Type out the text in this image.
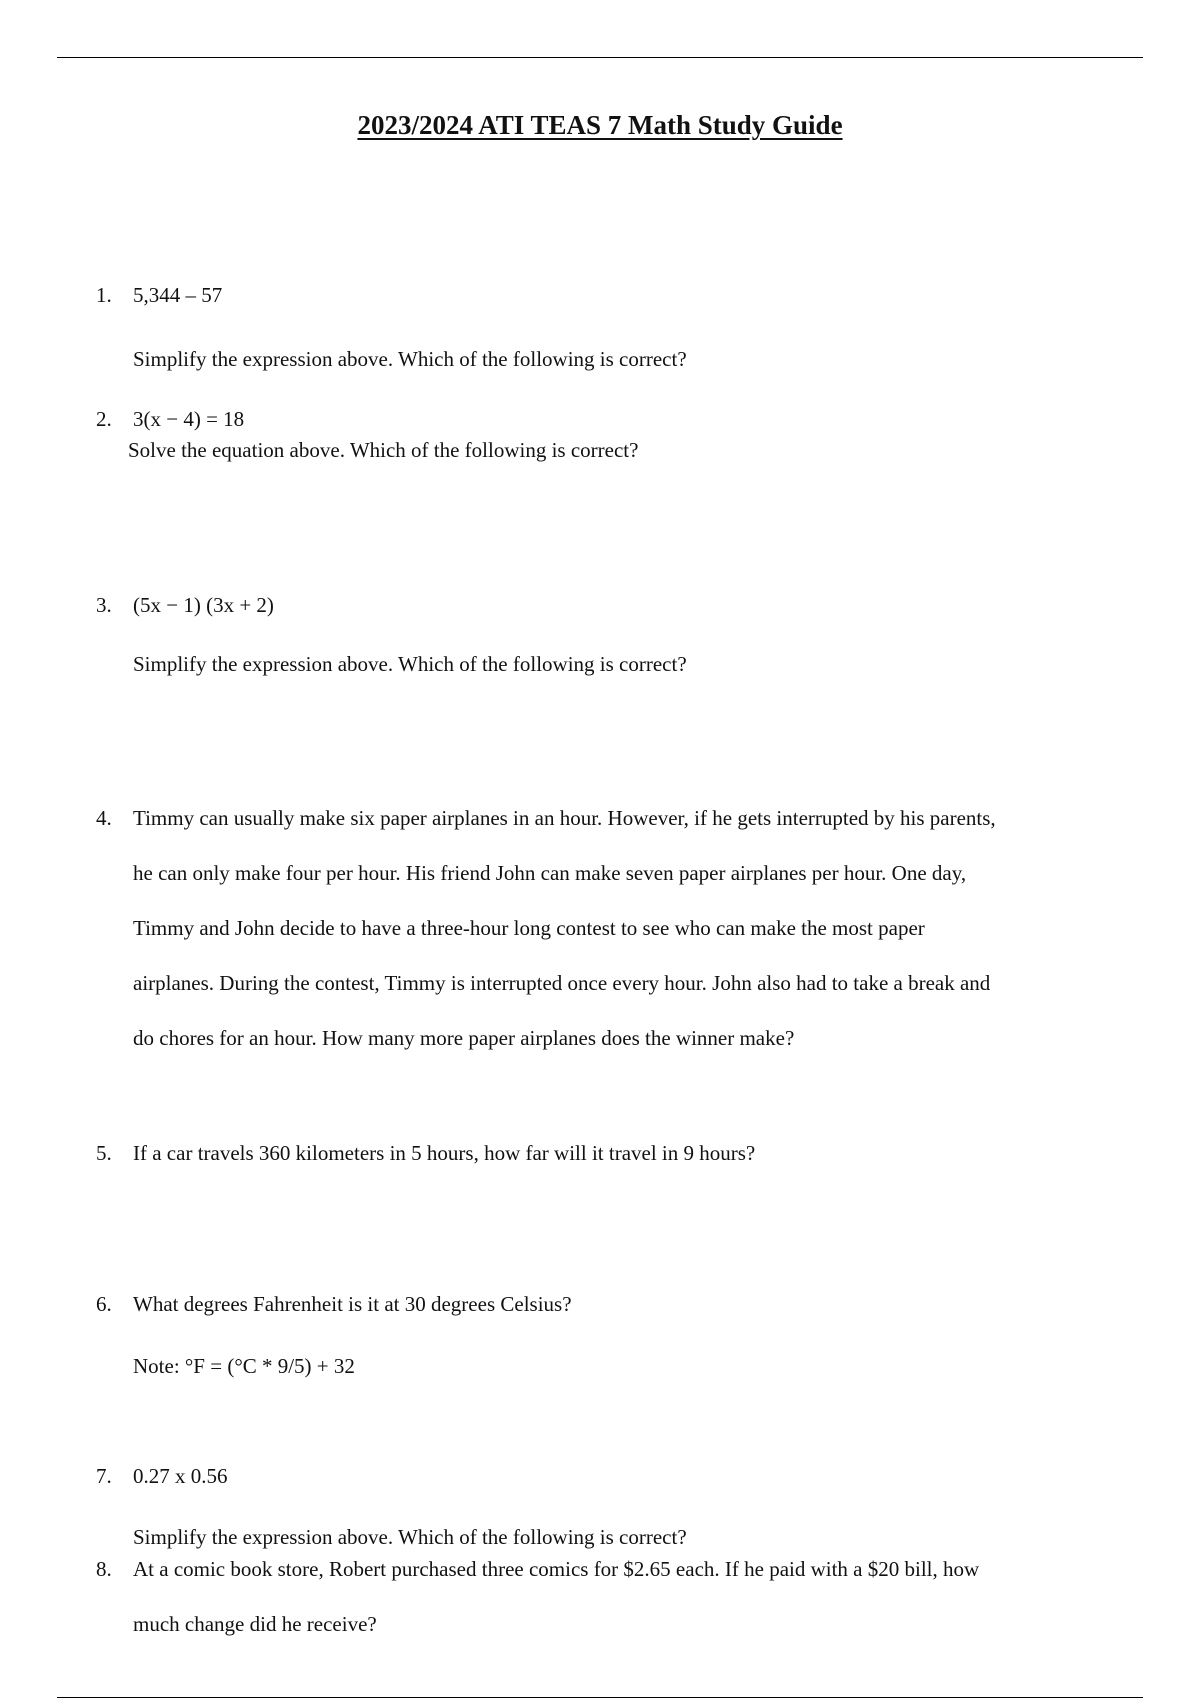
2023/2024 ATI TEAS 7 Math Study Guide
1. 5,344 – 57
Simplify the expression above. Which of the following is correct?
2. 3(x − 4) = 18
Solve the equation above. Which of the following is correct?
3. (5x − 1) (3x + 2)
Simplify the expression above. Which of the following is correct?
4. Timmy can usually make six paper airplanes in an hour. However, if he gets interrupted by his parents,
he can only make four per hour. His friend John can make seven paper airplanes per hour. One day,
Timmy and John decide to have a three-hour long contest to see who can make the most paper
airplanes. During the contest, Timmy is interrupted once every hour. John also had to take a break and
do chores for an hour. How many more paper airplanes does the winner make?
5. If a car travels 360 kilometers in 5 hours, how far will it travel in 9 hours?
6. What degrees Fahrenheit is it at 30 degrees Celsius?
Note: °F = (°C * 9/5) + 32
7. 0.27 x 0.56
Simplify the expression above. Which of the following is correct?
8. At a comic book store, Robert purchased three comics for $2.65 each. If he paid with a $20 bill, how
much change did he receive?
